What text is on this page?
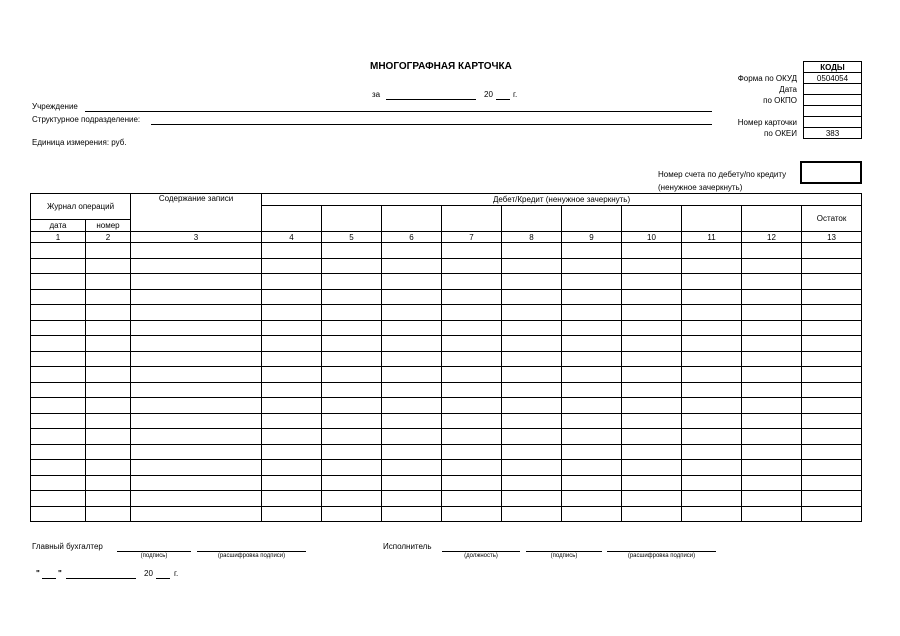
МНОГОГРАФНАЯ КАРТОЧКА
за	20	г.
Учреждение
Структурное подразделение:
Единица измерения: руб.
	КОДЫ
Форма по ОКУД	0504054
Дата	
по ОКПО	

Номер карточки	
по ОКЕИ	383
Номер счета по дебету/по кредиту
(ненужное зачеркнуть)
Журнал операций		Содержание записи	Дебет/Кредит (ненужное зачеркнуть)									
												Остаток
дата	номер											
1	2	3	4	5	6	7	8	9	10	11	12	13

Главный бухгалтер
(подпись)	(расшифровка подписи)
Исполнитель
(должность)	(подпись)	(расшифровка подписи)
" "	20	г.
